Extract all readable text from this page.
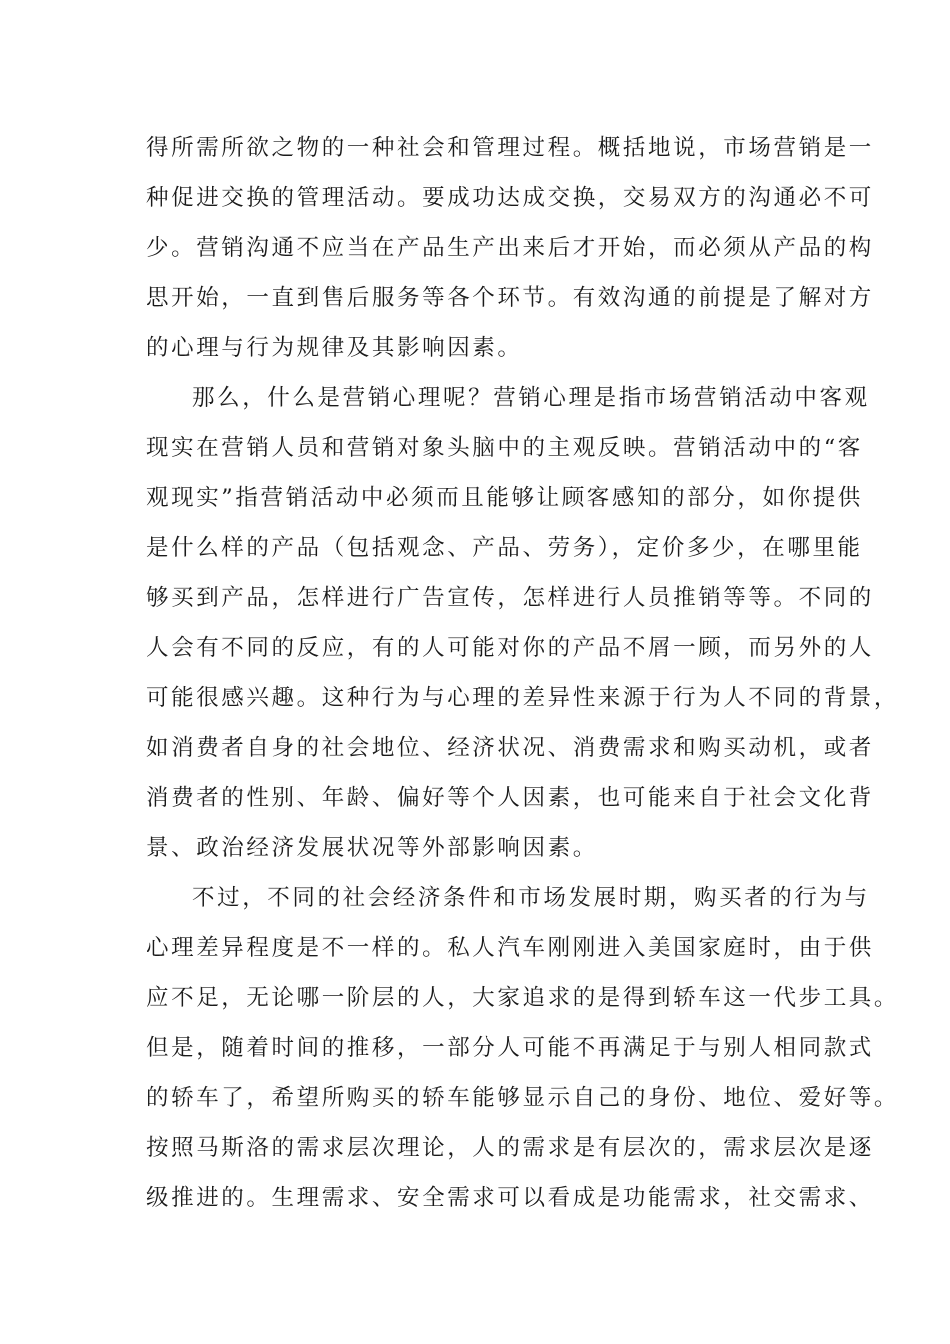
得所需所欲之物的一种社会和管理过程。概括地说，市场营销是一

种促进交换的管理活动。要成功达成交换，交易双方的沟通必不可

少。营销沟通不应当在产品生产出来后才开始，而必须从产品的构

思开始，一直到售后服务等各个环节。有效沟通的前提是了解对方

的心理与行为规律及其影响因素。

那么，什么是营销心理呢？营销心理是指市场营销活动中客观

现实在营销人员和营销对象头脑中的主观反映。营销活动中的“客

观现实”指营销活动中必须而且能够让顾客感知的部分，如你提供

是什么样的产品（包括观念、产品、劳务），定价多少，在哪里能

够买到产品，怎样进行广告宣传，怎样进行人员推销等等。不同的

人会有不同的反应，有的人可能对你的产品不屑一顾，而另外的人

可能很感兴趣。这种行为与心理的差异性来源于行为人不同的背景，

如消费者自身的社会地位、经济状况、消费需求和购买动机，或者

消费者的性别、年龄、偏好等个人因素，也可能来自于社会文化背

景、政治经济发展状况等外部影响因素。

不过，不同的社会经济条件和市场发展时期，购买者的行为与

心理差异程度是不一样的。私人汽车刚刚进入美国家庭时，由于供

应不足，无论哪一阶层的人，大家追求的是得到轿车这一代步工具。

但是，随着时间的推移，一部分人可能不再满足于与别人相同款式

的轿车了，希望所购买的轿车能够显示自己的身份、地位、爱好等。

按照马斯洛的需求层次理论，人的需求是有层次的，需求层次是逐

级推进的。生理需求、安全需求可以看成是功能需求，社交需求、
